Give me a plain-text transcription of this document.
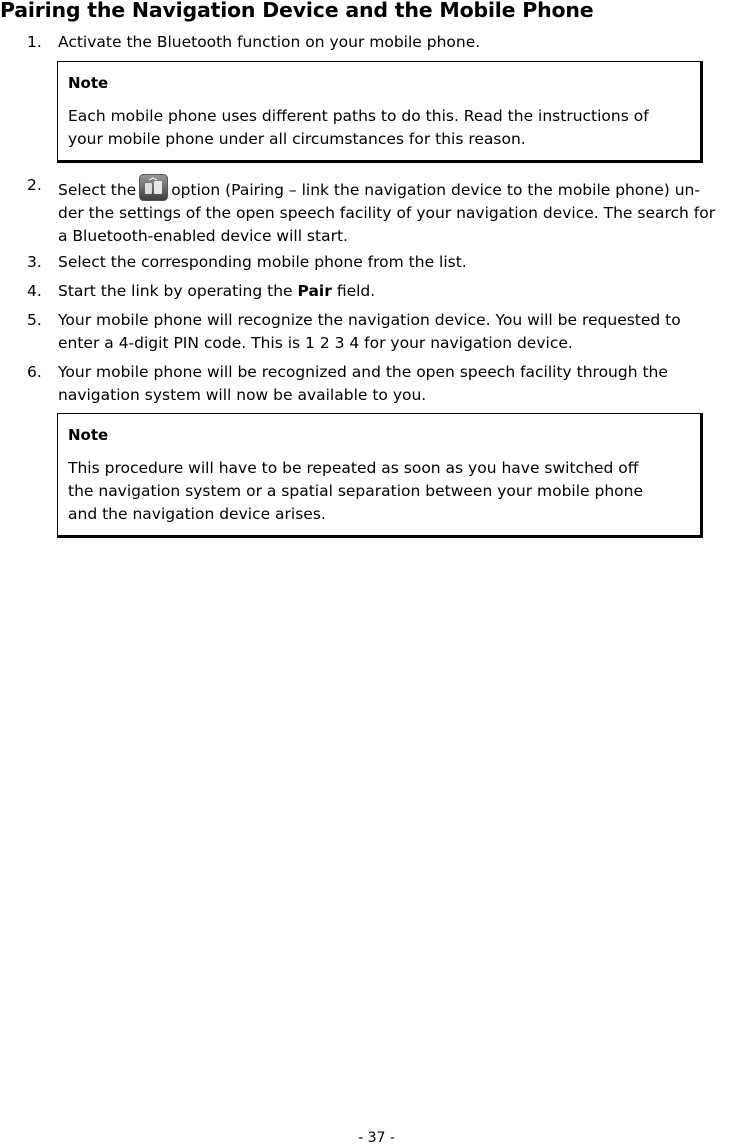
Pairing the Navigation Device and the Mobile Phone
1. Activate the Bluetooth function on your mobile phone.
Note
Each mobile phone uses different paths to do this. Read the instructions of
your mobile phone under all circumstances for this reason.
2. Select the option (Pairing – link the navigation device to the mobile phone) un-
der the settings of the open speech facility of your navigation device. The search for
a Bluetooth-enabled device will start.
3. Select the corresponding mobile phone from the list.
4. Start the link by operating the Pair field.
5. Your mobile phone will recognize the navigation device. You will be requested to
enter a 4-digit PIN code. This is 1 2 3 4 for your navigation device.
6. Your mobile phone will be recognized and the open speech facility through the
navigation system will now be available to you.
Note
This procedure will have to be repeated as soon as you have switched off
the navigation system or a spatial separation between your mobile phone
and the navigation device arises.
- 37 -
